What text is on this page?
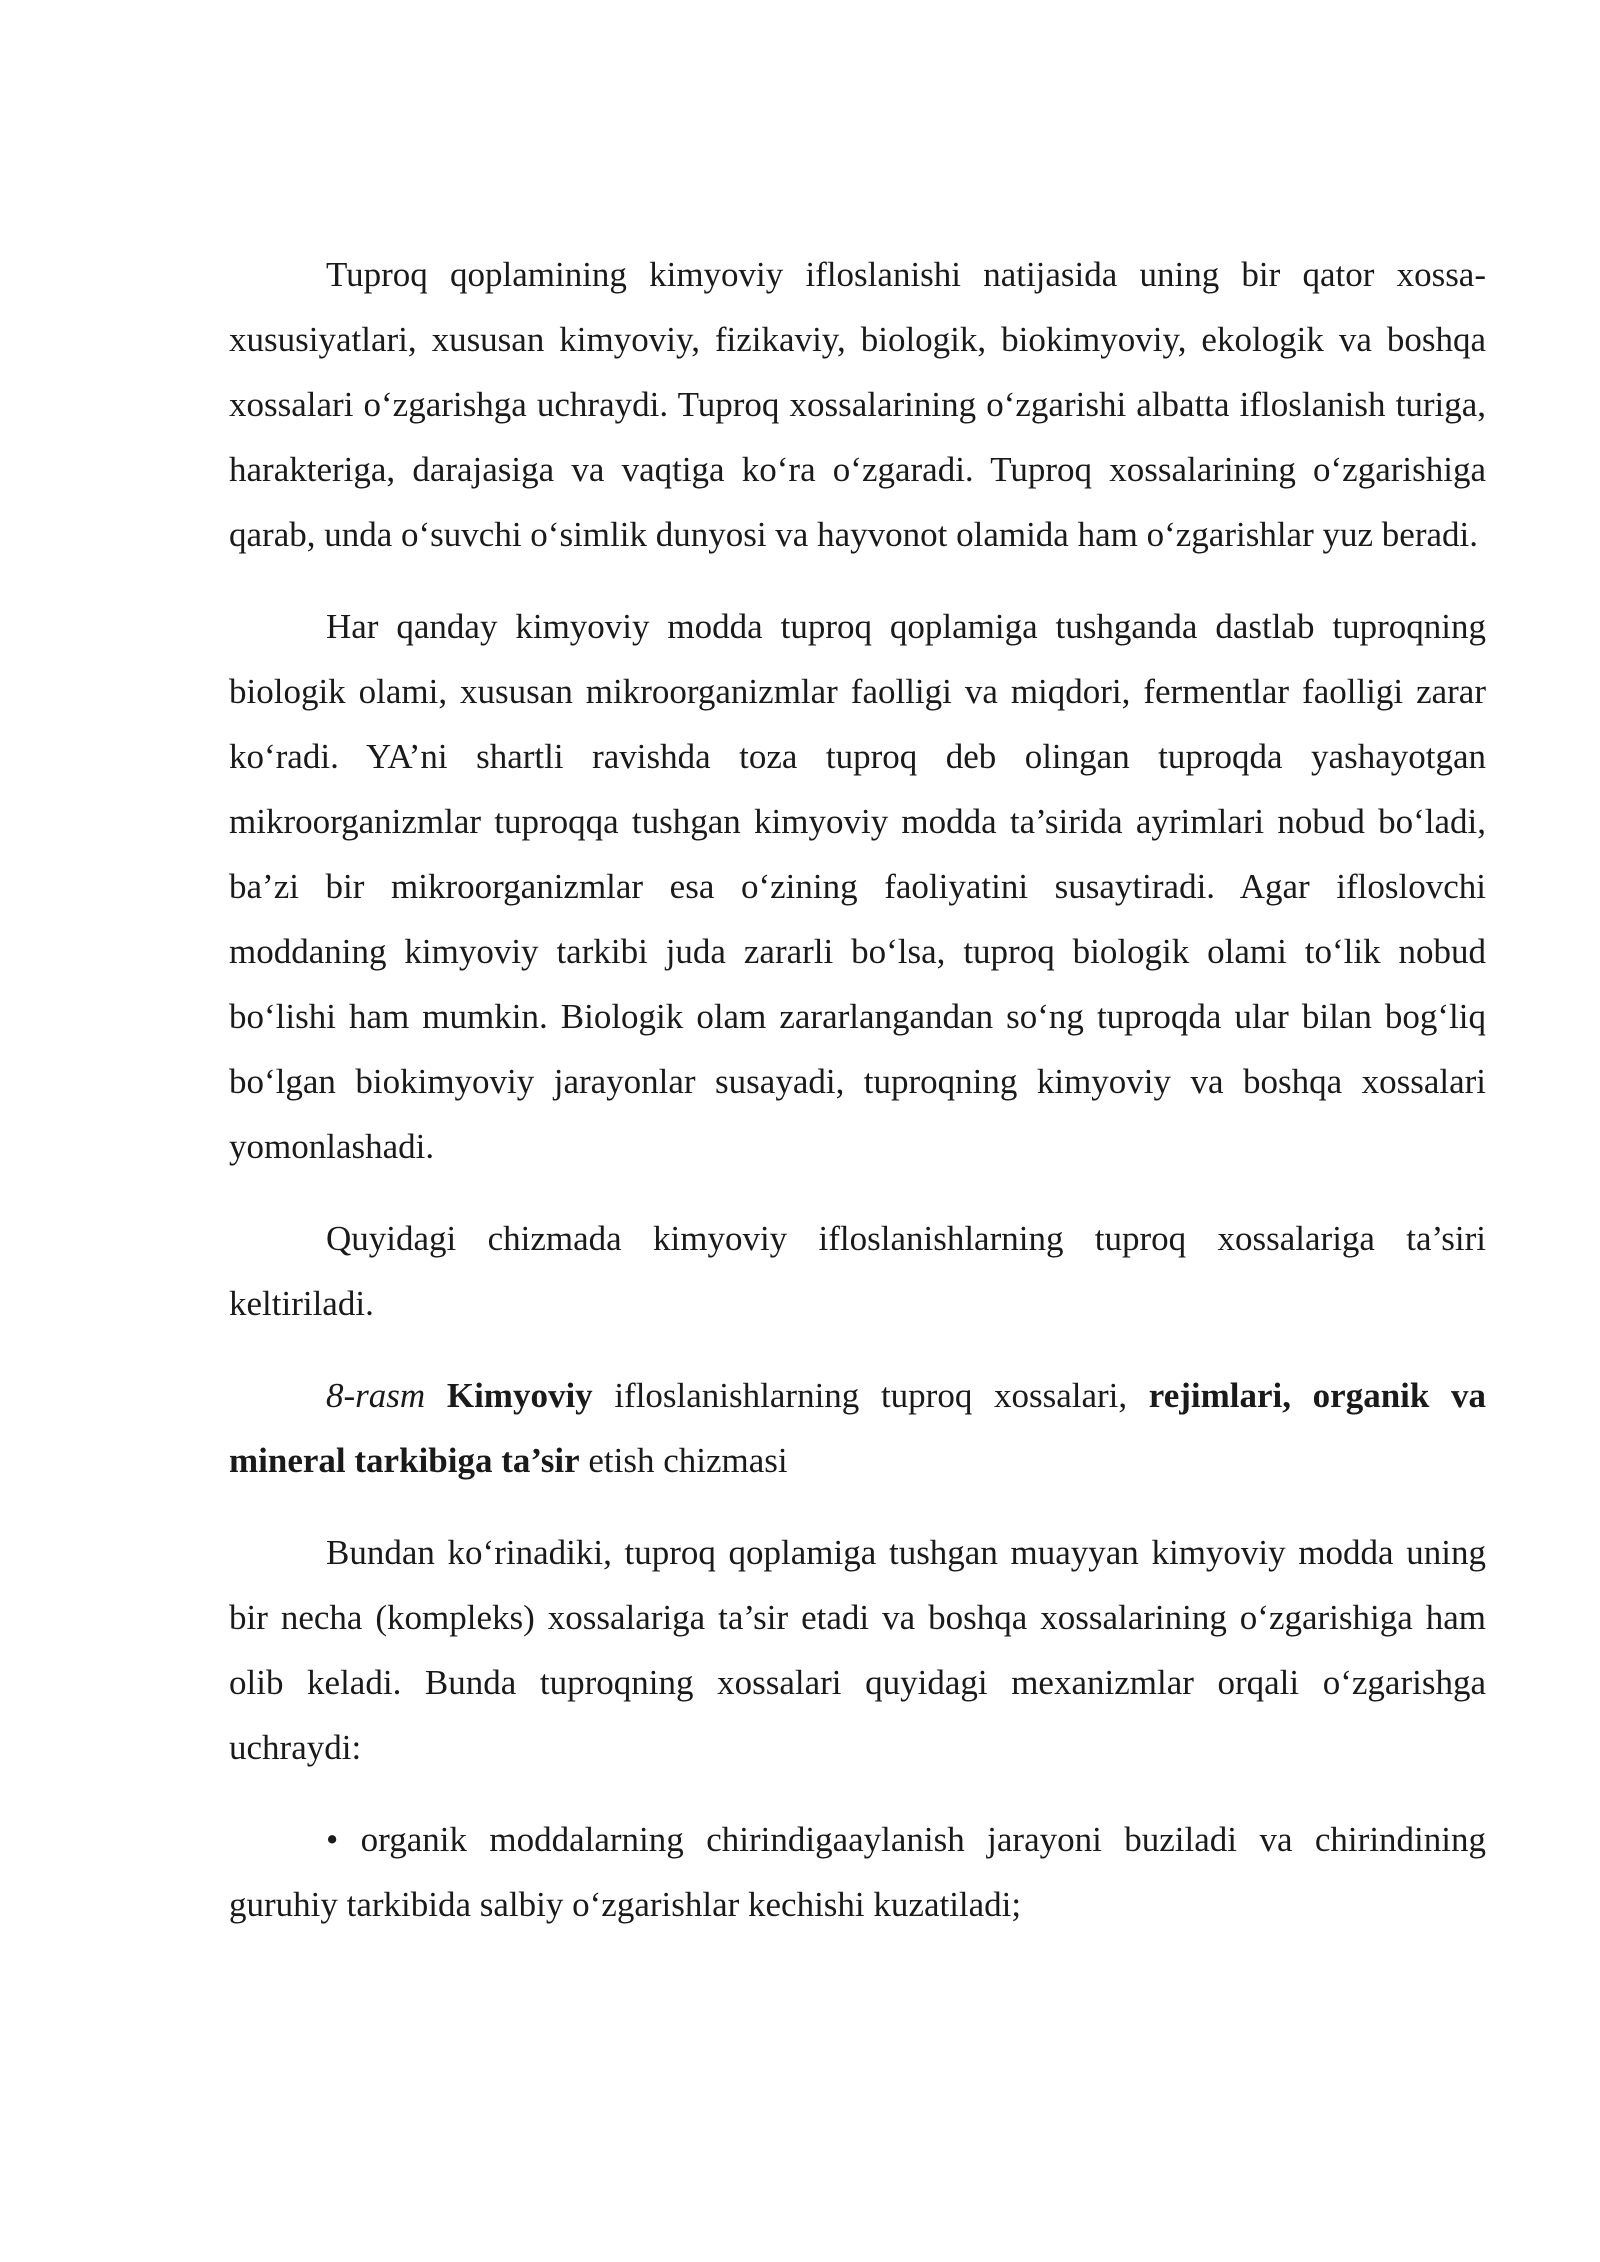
Tuproq qoplamining kimyoviy ifloslanishi natijasida uning bir qator xossa-xususiyatlari, xususan kimyoviy, fizikaviy, biologik, biokimyoviy, ekologik va boshqa xossalari o‘zgarishga uchraydi. Tuproq xossalarining o‘zgarishi albatta ifloslanish turiga, harakteriga, darajasiga va vaqtiga ko‘ra o‘zgaradi. Tuproq xossalarining o‘zgarishiga qarab, unda o‘suvchi o‘simlik dunyosi va hayvonot olamida ham o‘zgarishlar yuz beradi.

Har qanday kimyoviy modda tuproq qoplamiga tushganda dastlab tuproqning biologik olami, xususan mikroorganizmlar faolligi va miqdori, fermentlar faolligi zarar ko‘radi. YA’ni shartli ravishda toza tuproq deb olingan tuproqda yashayotgan mikroorganizmlar tuproqqa tushgan kimyoviy modda ta’sirida ayrimlari nobud bo‘ladi, ba’zi bir mikroorganizmlar esa o‘zining faoliyatini susaytiradi. Agar ifloslovchi moddaning kimyoviy tarkibi juda zararli bo‘lsa, tuproq biologik olami to‘lik nobud bo‘lishi ham mumkin. Biologik olam zararlangandan so‘ng tuproqda ular bilan bog‘liq bo‘lgan biokimyoviy jarayonlar susayadi, tuproqning kimyoviy va boshqa xossalari yomonlashadi.

Quyidagi chizmada kimyoviy ifloslanishlarning tuproq xossalariga ta’siri keltiriladi.

8-rasm Kimyoviy ifloslanishlarning tuproq xossalari, rejimlari, organik va mineral tarkibiga ta’sir etish chizmasi

Bundan ko‘rinadiki, tuproq qoplamiga tushgan muayyan kimyoviy modda uning bir necha (kompleks) xossalariga ta’sir etadi va boshqa xossalarining o‘zgarishiga ham olib keladi. Bunda tuproqning xossalari quyidagi mexanizmlar orqali o‘zgarishga uchraydi:

• organik moddalarning chirindigaaylanish jarayoni buziladi va chirindining guruhiy tarkibida salbiy o‘zgarishlar kechishi kuzatiladi;
